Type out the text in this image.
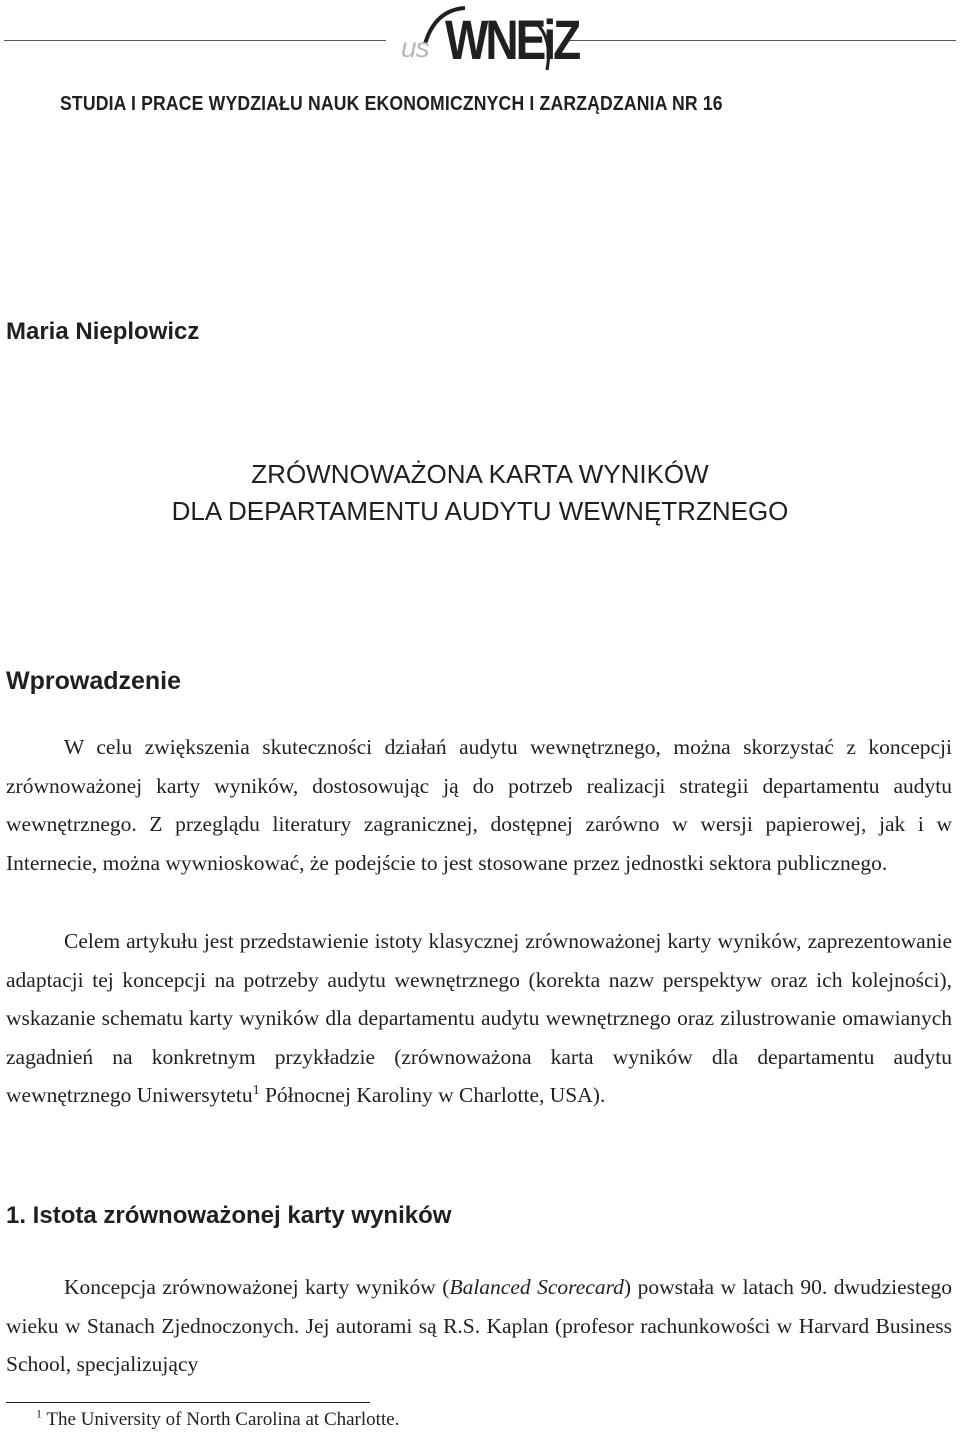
us WNEiZ
STUDIA I PRACE WYDZIAŁU NAUK EKONOMICZNYCH I ZARZĄDZANIA NR 16
Maria Nieplowicz
ZRÓWNOWAŻONA KARTA WYNIKÓW
DLA DEPARTAMENTU AUDYTU WEWNĘTRZNEGO
Wprowadzenie

W celu zwiększenia skuteczności działań audytu wewnętrznego, można skorzystać z koncepcji zrównoważonej karty wyników, dostosowując ją do potrzeb realizacji strategii departamentu audytu wewnętrznego. Z przeglądu literatury zagranicznej, dostępnej zarówno w wersji papierowej, jak i w Internecie, można wywnioskować, że podejście to jest stosowane przez jednostki sektora publicznego.

Celem artykułu jest przedstawienie istoty klasycznej zrównoważonej karty wyników, zaprezentowanie adaptacji tej koncepcji na potrzeby audytu wewnętrznego (korekta nazw perspektyw oraz ich kolejności), wskazanie schematu karty wyników dla departamentu audytu wewnętrznego oraz zilustrowanie omawianych zagadnień na konkretnym przykładzie (zrównoważona karta wyników dla departamentu audytu wewnętrznego Uniwersytetu$^1$ Północnej Karoliny w Charlotte, USA).

1. Istota zrównoważonej karty wyników

Koncepcja zrównoważonej karty wyników (Balanced Scorecard) powstała w latach 90. dwudziestego wieku w Stanach Zjednoczonych. Jej autorami są R.S. Kaplan (profesor rachunkowości w Harvard Business School, specjalizujący

$^1$ The University of North Carolina at Charlotte.
